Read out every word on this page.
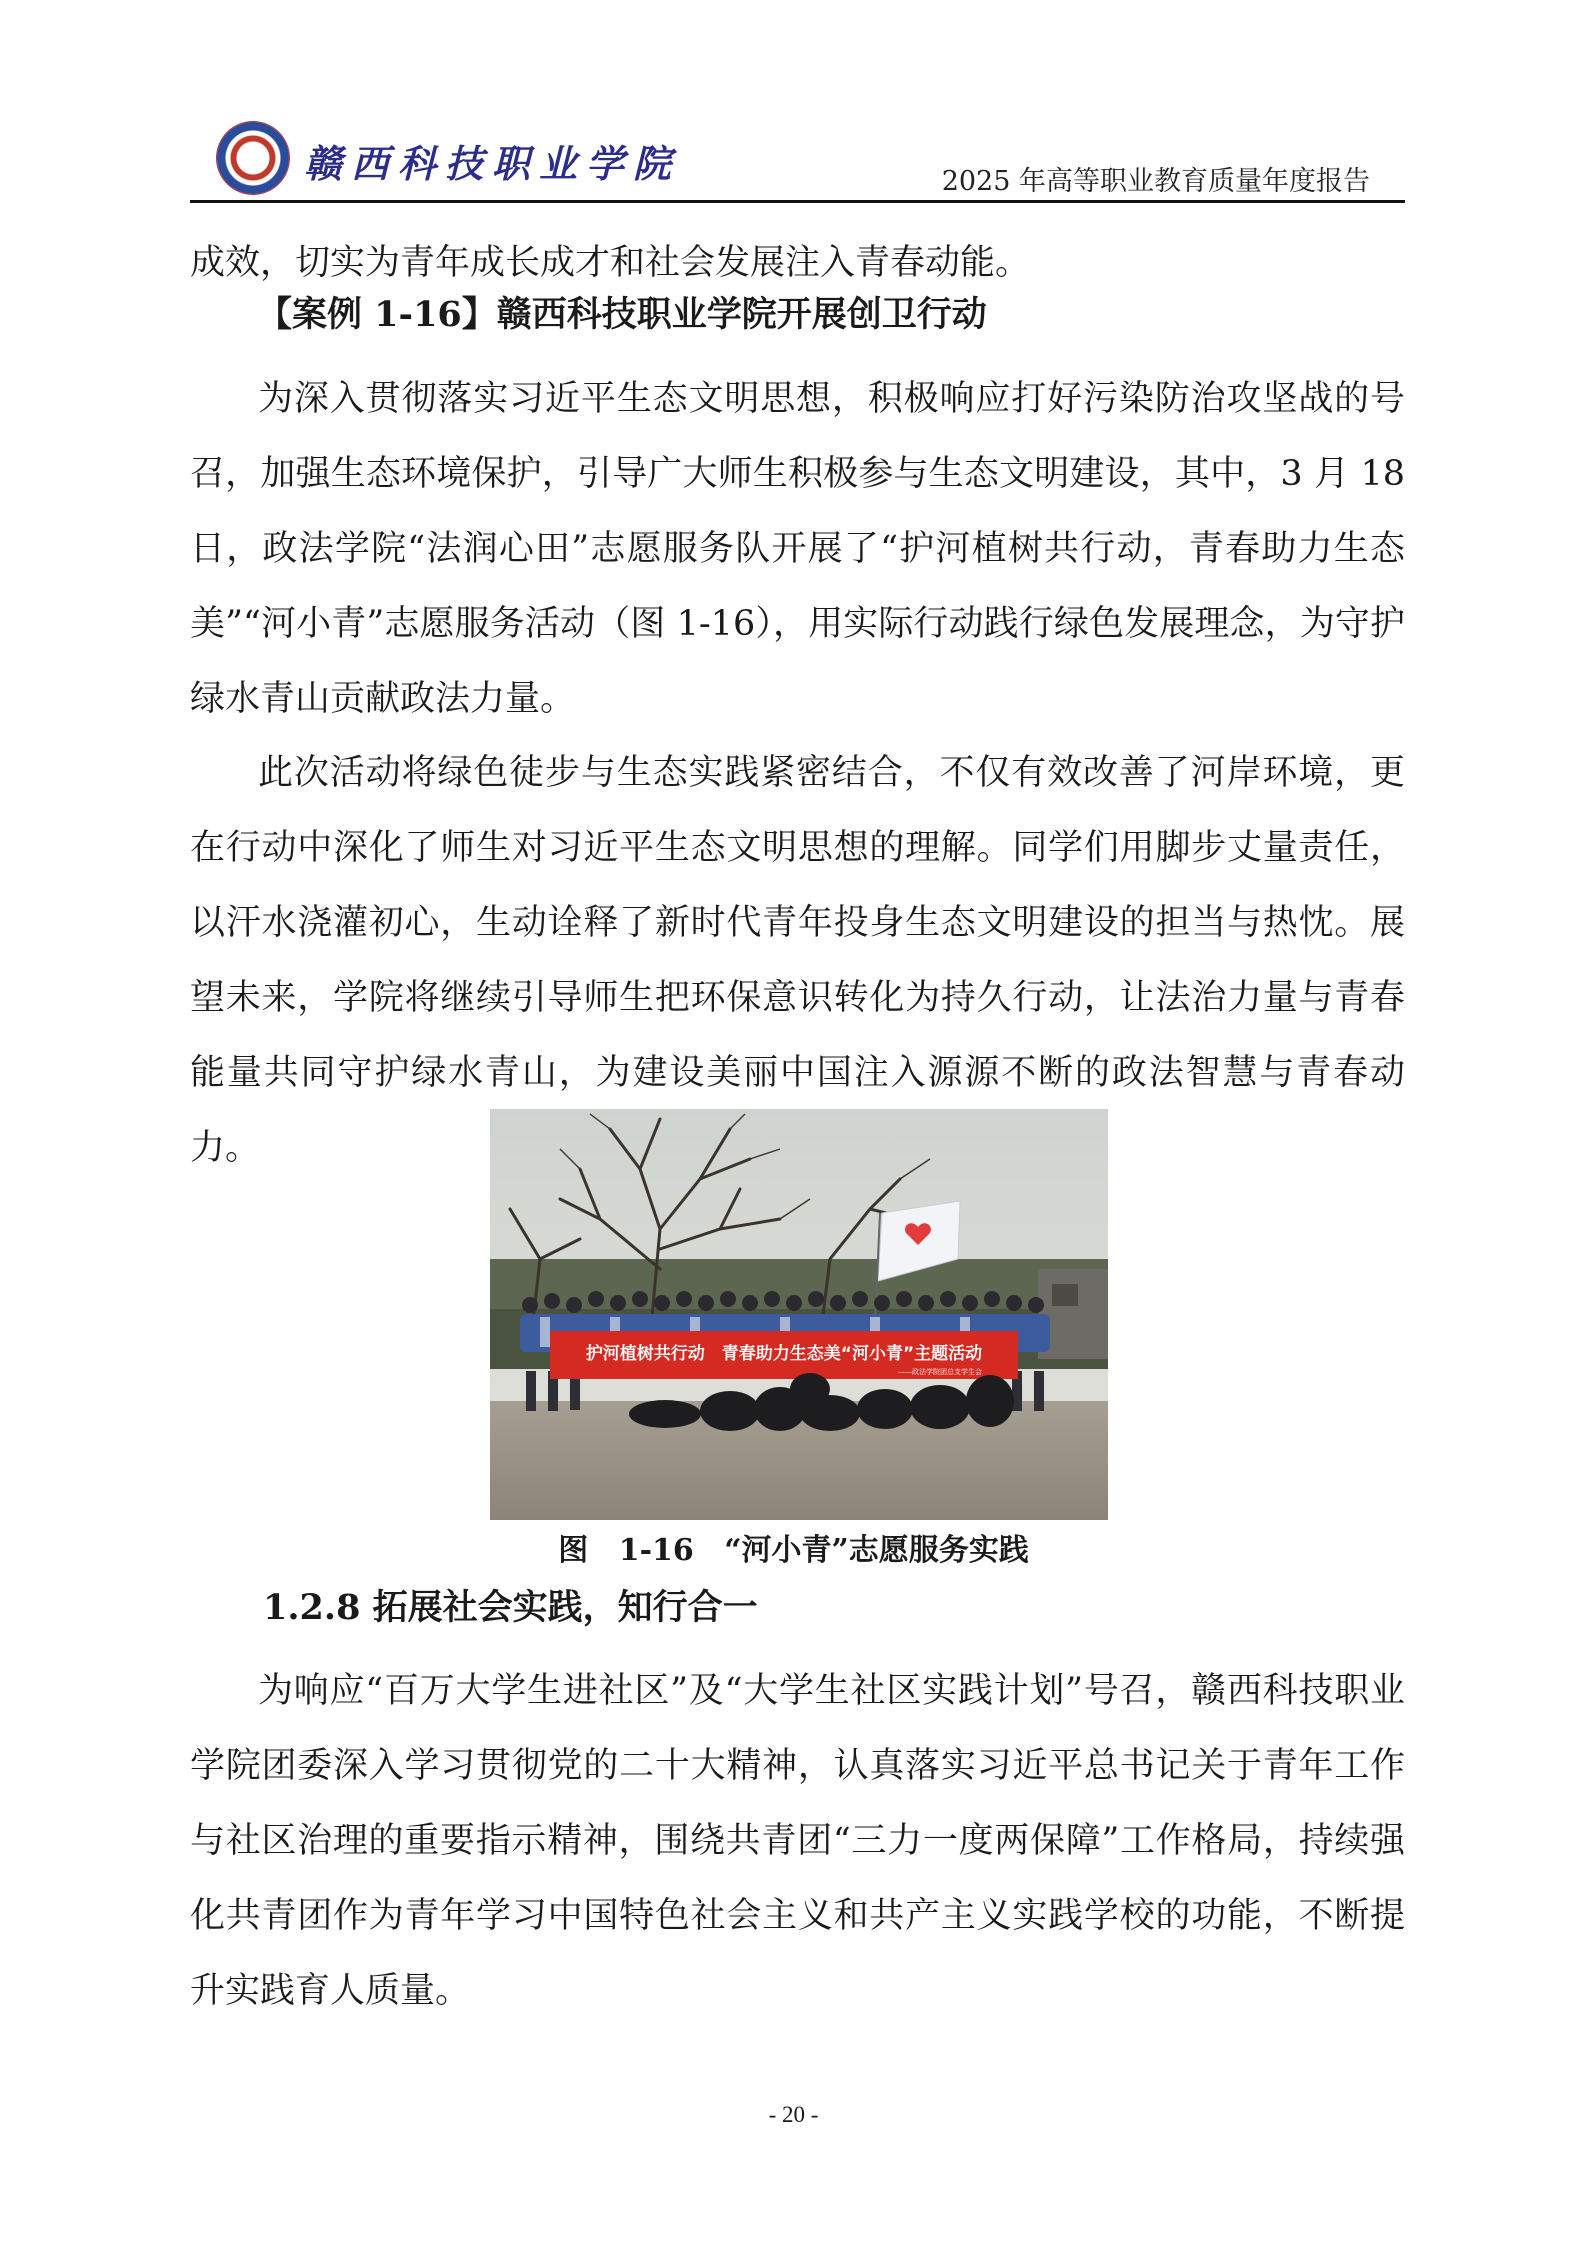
赣西科技职业学院	2025 年高等职业教育质量年度报告

成效，切实为青年成长成才和社会发展注入青春动能。

【案例 1-16】赣西科技职业学院开展创卫行动

为深入贯彻落实习近平生态文明思想，积极响应打好污染防治攻坚战的号召，加强生态环境保护，引导广大师生积极参与生态文明建设，其中，3 月 18 日，政法学院“法润心田”志愿服务队开展了“护河植树共行动，青春助力生态美”“河小青”志愿服务活动（图 1-16），用实际行动践行绿色发展理念，为守护绿水青山贡献政法力量。

此次活动将绿色徒步与生态实践紧密结合，不仅有效改善了河岸环境，更在行动中深化了师生对习近平生态文明思想的理解。同学们用脚步丈量责任，以汗水浇灌初心，生动诠释了新时代青年投身生态文明建设的担当与热忱。展望未来，学院将继续引导师生把环保意识转化为持久行动，让法治力量与青春能量共同守护绿水青山，为建设美丽中国注入源源不断的政法智慧与青春动力。

护河植树共行动　青春助力生态美“河小青”主题活动
——政法学院团总支学生会

图 1-16 “河小青”志愿服务实践

1.2.8 拓展社会实践，知行合一

为响应“百万大学生进社区”及“大学生社区实践计划”号召，赣西科技职业学院团委深入学习贯彻党的二十大精神，认真落实习近平总书记关于青年工作与社区治理的重要指示精神，围绕共青团“三力一度两保障”工作格局，持续强化共青团作为青年学习中国特色社会主义和共产主义实践学校的功能，不断提升实践育人质量。

- 20 -
